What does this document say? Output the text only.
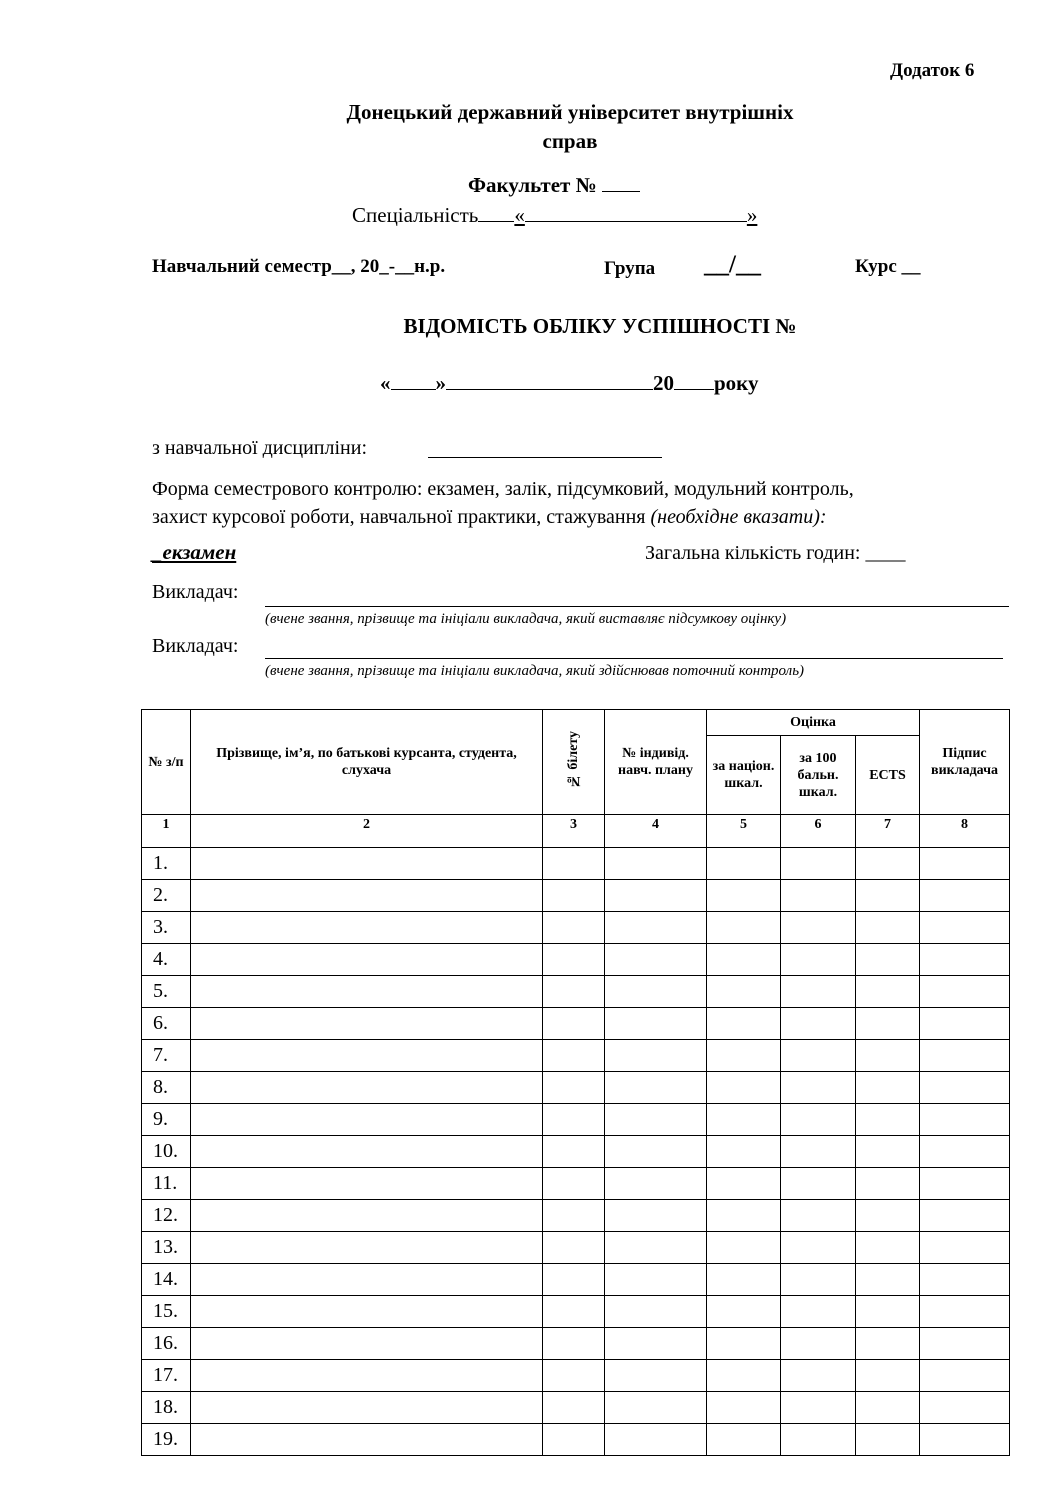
Додаток 6
Донецький державний університет внутрішніх
справ
Факультет №
Спеціальність «	»
Навчальний семестр__, 20_-__н.р.	Група __/__	Курс __
ВІДОМІСТЬ ОБЛІКУ УСПІШНОСТІ №
« »	20 року
з навчальної дисципліни:
Форма семестрового контролю: екзамен, залік, підсумковий, модульний контроль,
захист курсової роботи, навчальної практики, стажування (необхідне вказати):
_екзамен	Загальна кількість годин: ____
Викладач:
(вчене звання, прізвище та ініціали викладача, який виставляє підсумкову оцінку)
Викладач:
(вчене звання, прізвище та ініціали викладача, який здійснював поточний контроль)
№ з/п	Прізвище, ім’я, по батькові курсанта, студента, слухача	№ білету	№ індивід. навч. плану	Оцінка			Підпис викладача
				за націон. шкал.	за 100 бальн. шкал.	ECTS	
1	2	3	4	5	6	7	8
1.							
2.							
3.							
4.							
5.							
6.							
7.							
8.							
9.							
10.							
11.							
12.							
13.							
14.							
15.							
16.							
17.							
18.							
19.							
